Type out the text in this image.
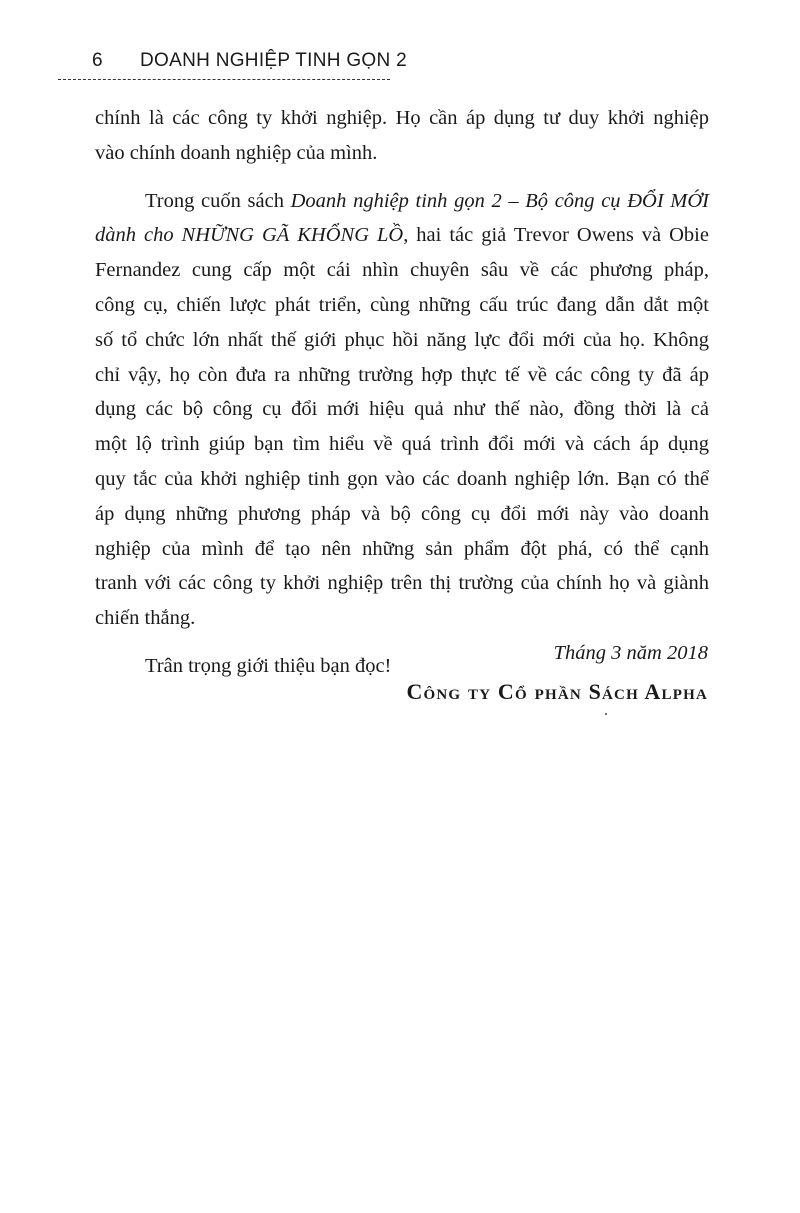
6	DOANH NGHIỆP TINH GỌN 2
chính là các công ty khởi nghiệp. Họ cần áp dụng tư duy khởi nghiệp
vào chính doanh nghiệp của mình.
Trong cuốn sách Doanh nghiệp tinh gọn 2 – Bộ công cụ ĐỔI MỚI
dành cho NHỮNG GÃ KHỔNG LỒ, hai tác giả Trevor Owens và Obie
Fernandez cung cấp một cái nhìn chuyên sâu về các phương pháp,
công cụ, chiến lược phát triển, cùng những cấu trúc đang dẫn dắt một
số tổ chức lớn nhất thế giới phục hồi năng lực đổi mới của họ. Không
chỉ vậy, họ còn đưa ra những trường hợp thực tế về các công ty đã áp
dụng các bộ công cụ đổi mới hiệu quả như thế nào, đồng thời là cả
một lộ trình giúp bạn tìm hiểu về quá trình đổi mới và cách áp dụng
quy tắc của khởi nghiệp tinh gọn vào các doanh nghiệp lớn. Bạn có thể
áp dụng những phương pháp và bộ công cụ đổi mới này vào doanh
nghiệp của mình để tạo nên những sản phẩm đột phá, có thể cạnh
tranh với các công ty khởi nghiệp trên thị trường của chính họ và giành
chiến thắng.
Trân trọng giới thiệu bạn đọc!
Tháng 3 năm 2018
Công ty Cổ phần Sách Alpha
